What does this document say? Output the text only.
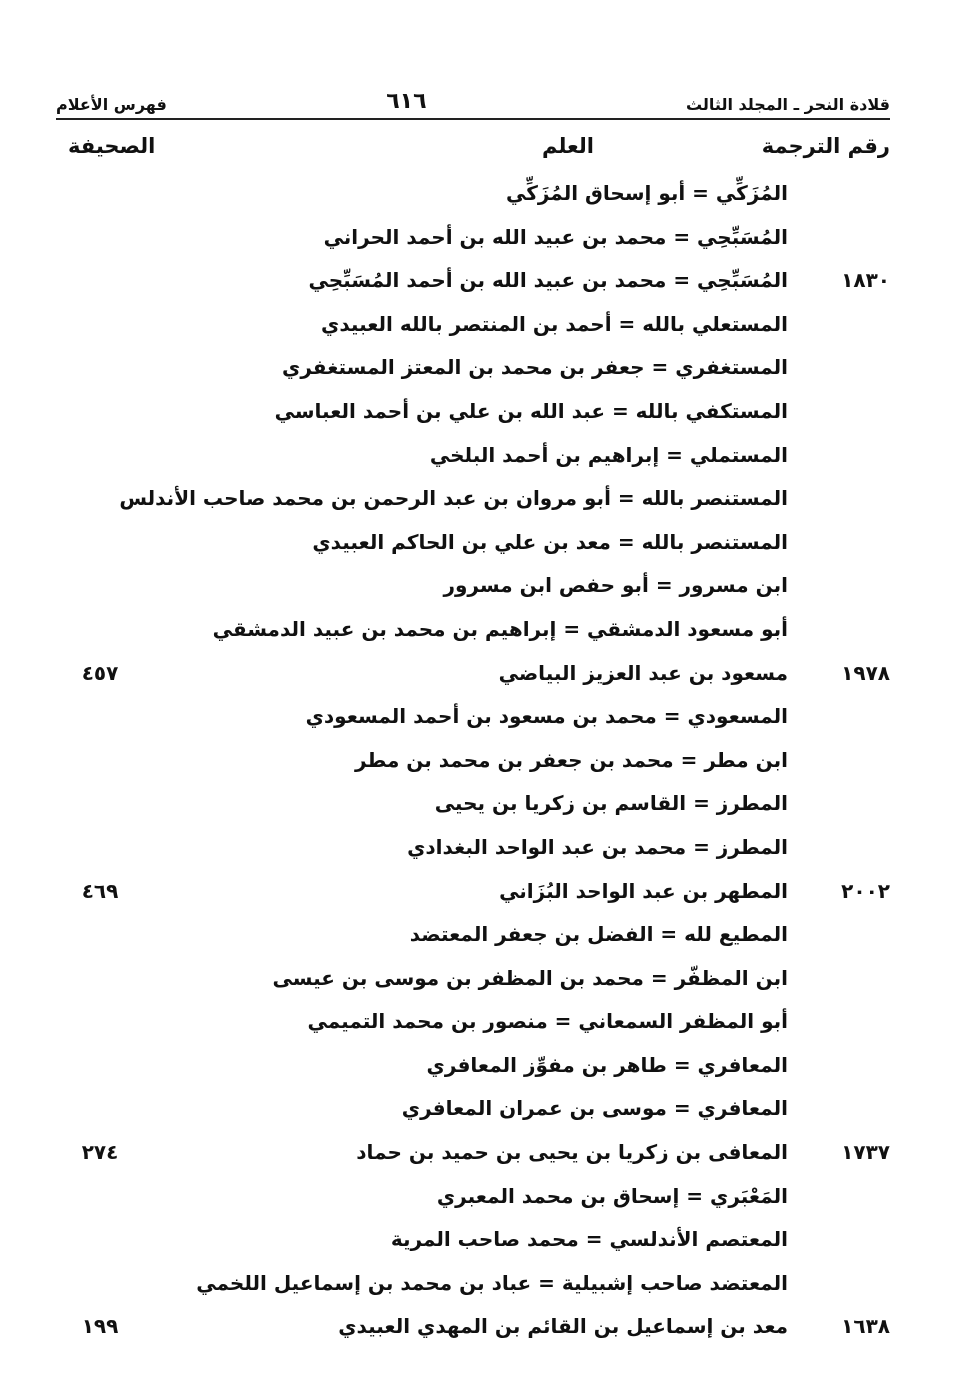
قلادة النحر ـ المجلد الثالث
٦١٦
فهرس الأعلام
رقم الترجمة
العلم
الصحيفة
المُزَكِّي = أبو إسحاق المُزَكِّي
المُسَبِّحِي = محمد بن عبيد الله بن أحمد الحراني
١٨٣٠
المُسَبِّحِي = محمد بن عبيد الله بن أحمد المُسَبِّحِي
المستعلي بالله = أحمد بن المنتصر بالله العبيدي
المستغفري = جعفر بن محمد بن المعتز المستغفري
المستكفي بالله = عبد الله بن علي بن أحمد العباسي
المستملي = إبراهيم بن أحمد البلخي
المستنصر بالله = أبو مروان بن عبد الرحمن بن محمد صاحب الأندلس
المستنصر بالله = معد بن علي بن الحاكم العبيدي
ابن مسرور = أبو حفص ابن مسرور
أبو مسعود الدمشقي = إبراهيم بن محمد بن عبيد الدمشقي
١٩٧٨
مسعود بن عبد العزيز البياضي
٤٥٧
المسعودي = محمد بن مسعود بن أحمد المسعودي
ابن مطر = محمد بن جعفر بن محمد بن مطر
المطرز = القاسم بن زكريا بن يحيى
المطرز = محمد بن عبد الواحد البغدادي
٢٠٠٢
المطهر بن عبد الواحد البُزَاني
٤٦٩
المطيع لله = الفضل بن جعفر المعتضد
ابن المظفّر = محمد بن المظفر بن موسى بن عيسى
أبو المظفر السمعاني = منصور بن محمد التميمي
المعافري = طاهر بن مفوِّز المعافري
المعافري = موسى بن عمران المعافري
١٧٣٧
المعافى بن زكريا بن يحيى بن حميد بن حماد
٢٧٤
المَعْبَري = إسحاق بن محمد المعبري
المعتصم الأندلسي = محمد صاحب المرية
المعتضد صاحب إشبيلية = عباد بن محمد بن إسماعيل اللخمي
١٦٣٨
معد بن إسماعيل بن القائم بن المهدي العبيدي
١٩٩
